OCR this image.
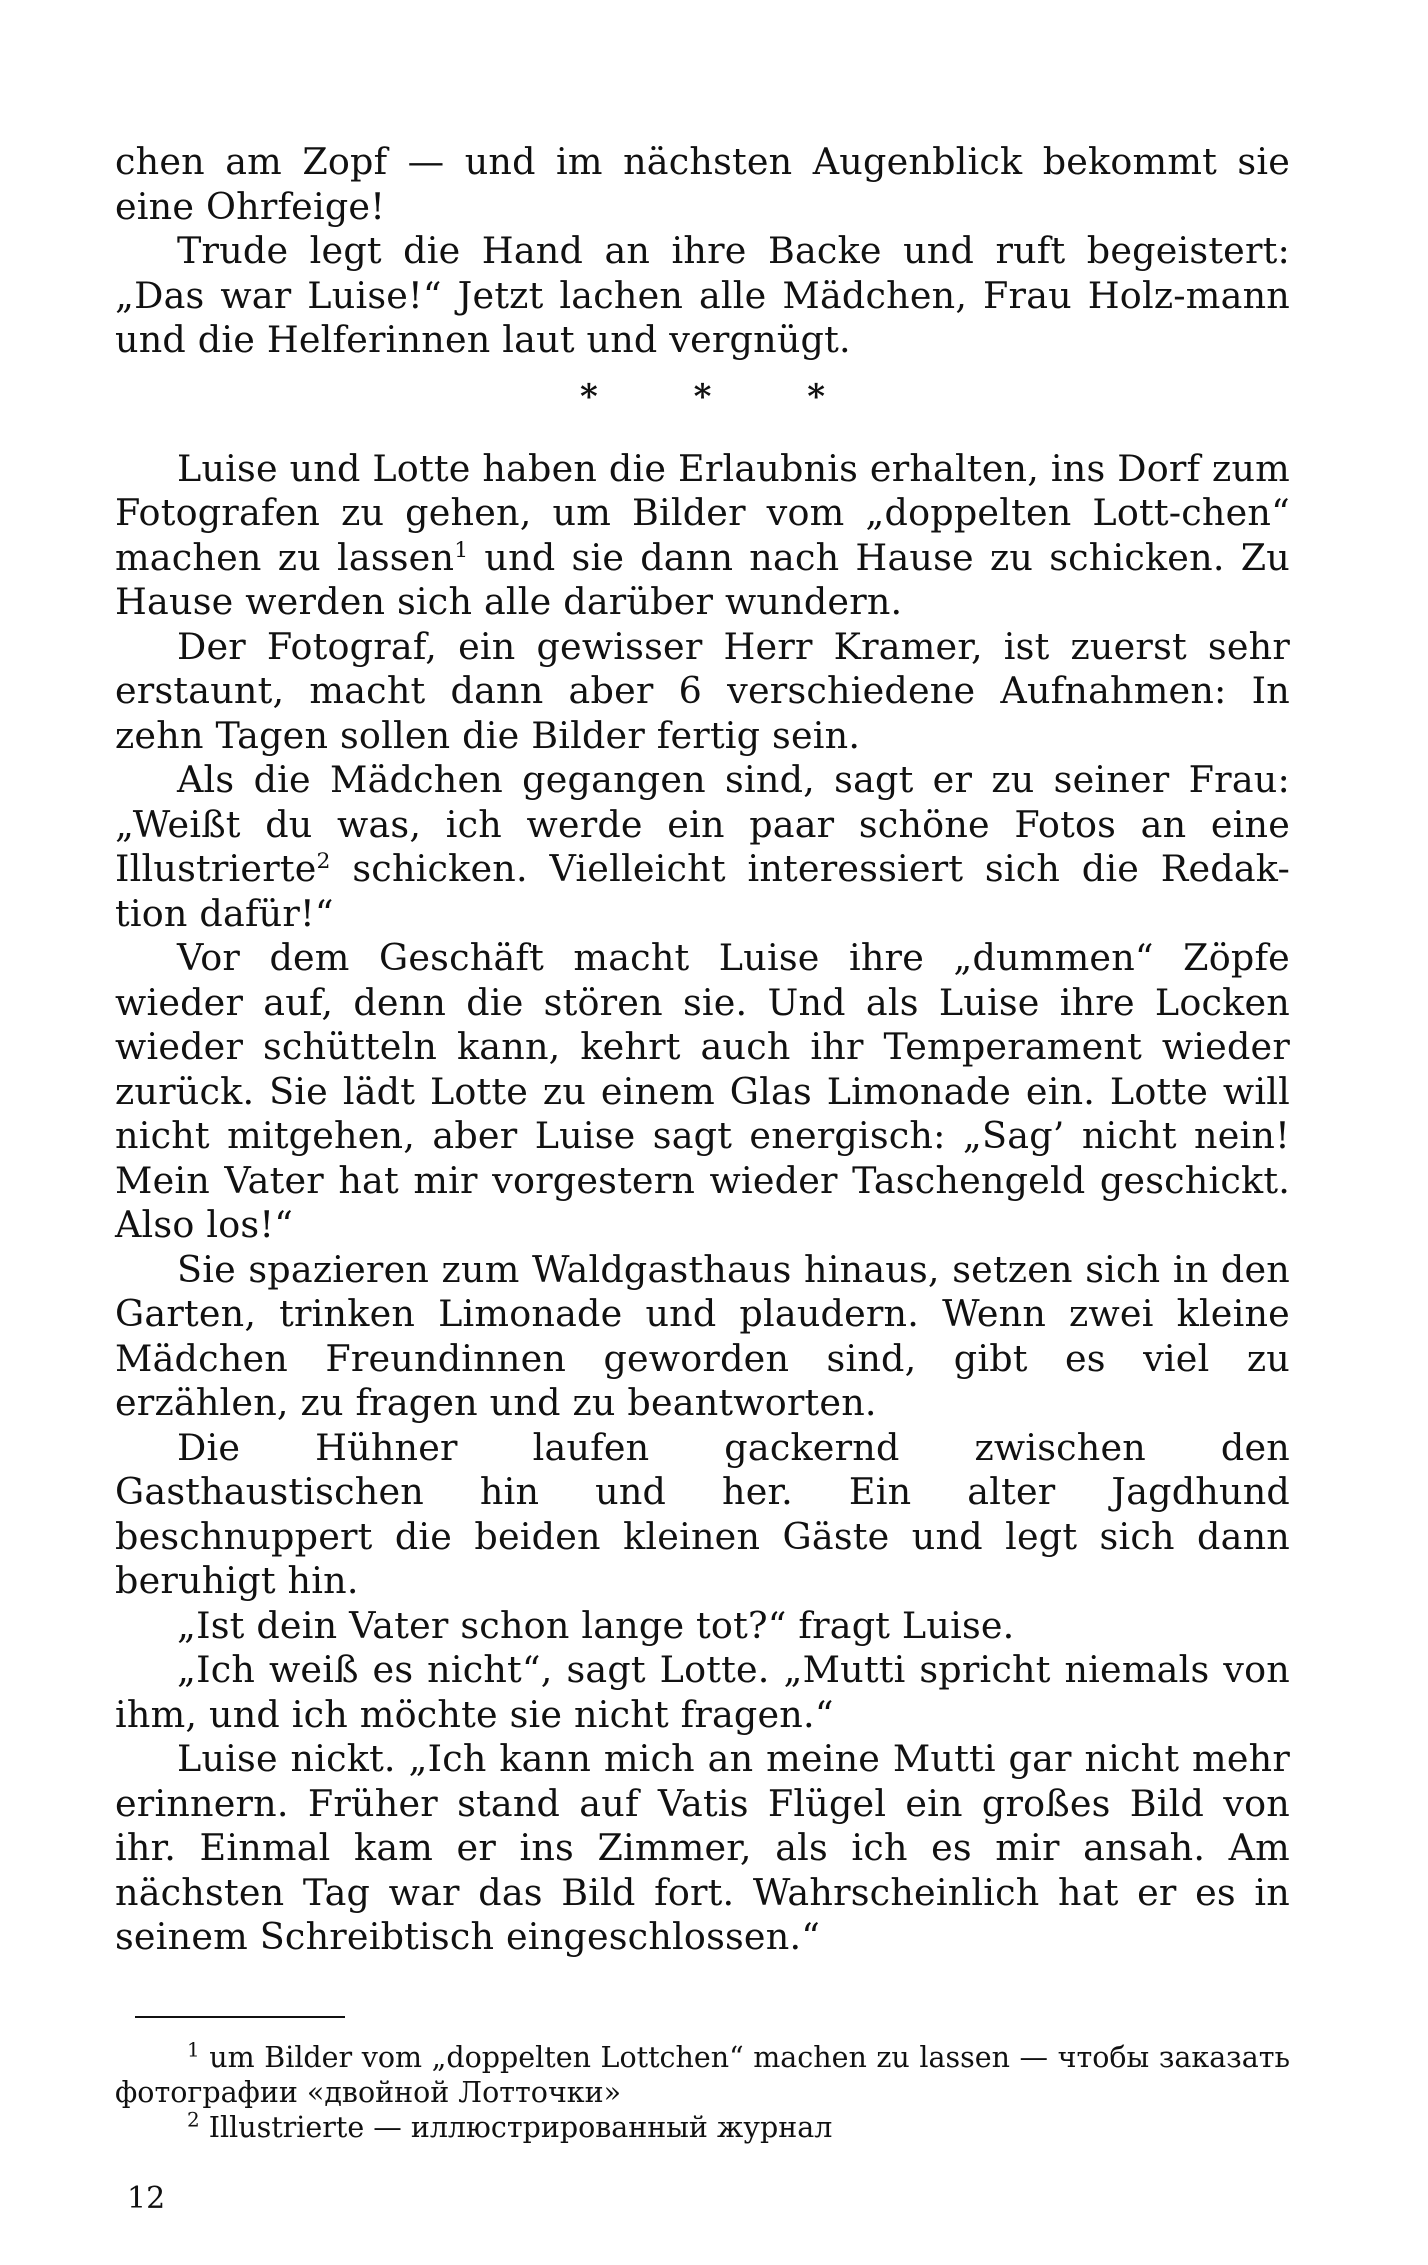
chen am Zopf — und im nächsten Augenblick bekommt sie eine Ohrfeige!

Trude legt die Hand an ihre Backe und ruft begeistert: „Das war Luise!“ Jetzt lachen alle Mädchen, Frau Holz-mann und die Helferinnen laut und vergnügt.

* * *

Luise und Lotte haben die Erlaubnis erhalten, ins Dorf zum Fotografen zu gehen, um Bilder vom „doppelten Lott-chen“ machen zu lassen$^1$ und sie dann nach Hause zu schicken. Zu Hause werden sich alle darüber wundern.

Der Fotograf, ein gewisser Herr Kramer, ist zuerst sehr erstaunt, macht dann aber 6 verschiedene Aufnahmen: In zehn Tagen sollen die Bilder fertig sein.

Als die Mädchen gegangen sind, sagt er zu seiner Frau: „Weißt du was, ich werde ein paar schöne Fotos an eine Illustrierte$^2$ schicken. Vielleicht interessiert sich die Redak-tion dafür!“

Vor dem Geschäft macht Luise ihre „dummen“ Zöpfe wieder auf, denn die stören sie. Und als Luise ihre Locken wieder schütteln kann, kehrt auch ihr Temperament wieder zurück. Sie lädt Lotte zu einem Glas Limonade ein. Lotte will nicht mitgehen, aber Luise sagt energisch: „Sag’ nicht nein! Mein Vater hat mir vorgestern wieder Taschengeld geschickt. Also los!“

Sie spazieren zum Waldgasthaus hinaus, setzen sich in den Garten, trinken Limonade und plaudern. Wenn zwei kleine Mädchen Freundinnen geworden sind, gibt es viel zu erzählen, zu fragen und zu beantworten.

Die Hühner laufen gackernd zwischen den Gasthaustischen hin und her. Ein alter Jagdhund beschnuppert die beiden kleinen Gäste und legt sich dann beruhigt hin.

„Ist dein Vater schon lange tot?“ fragt Luise.

„Ich weiß es nicht“, sagt Lotte. „Mutti spricht niemals von ihm, und ich möchte sie nicht fragen.“

Luise nickt. „Ich kann mich an meine Mutti gar nicht mehr erinnern. Früher stand auf Vatis Flügel ein großes Bild von ihr. Einmal kam er ins Zimmer, als ich es mir ansah. Am nächsten Tag war das Bild fort. Wahrscheinlich hat er es in seinem Schreibtisch eingeschlossen.“

$^1$ um Bilder vom „doppelten Lottchen“ machen zu lassen — чтобы заказать фотографии «двойной Лотточки»

$^2$ Illustrierte — иллюстрированный журнал

12
